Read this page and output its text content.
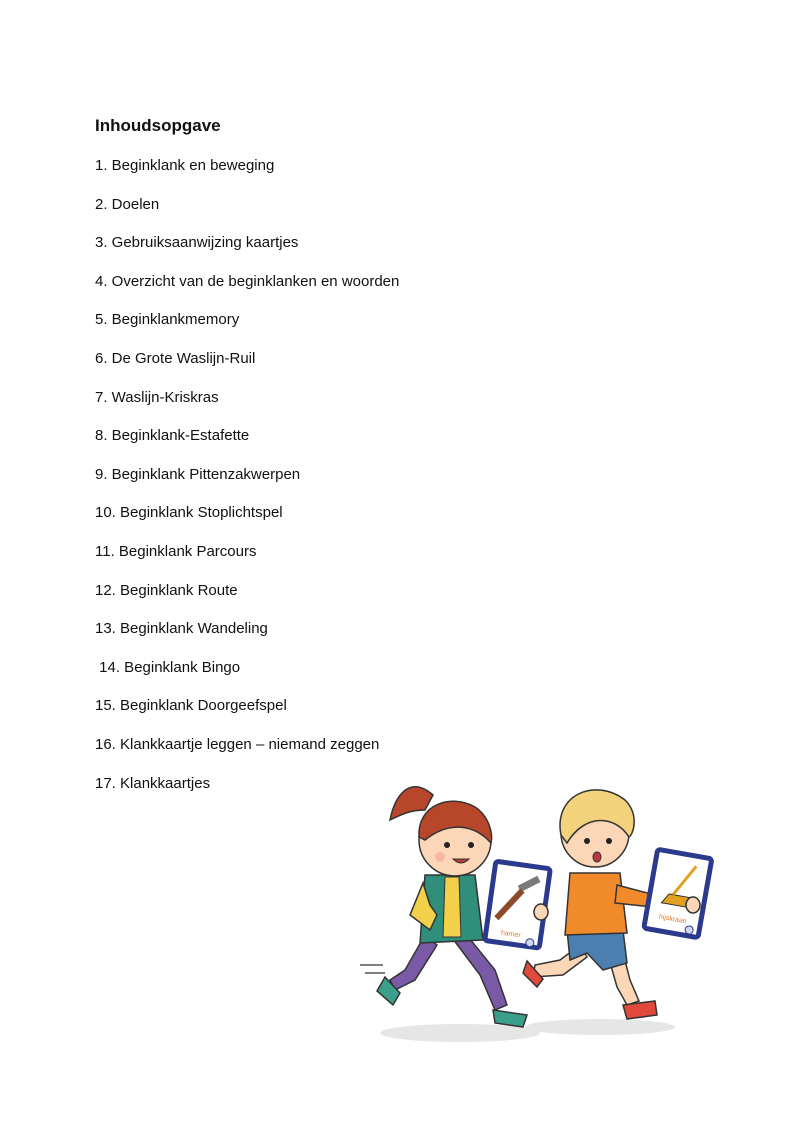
Inhoudsopgave
1. Beginklank en beweging
2. Doelen
3. Gebruiksaanwijzing kaartjes
4. Overzicht van de beginklanken en woorden
5. Beginklankmemory
6. De Grote Waslijn-Ruil
7. Waslijn-Kriskras
8. Beginklank-Estafette
9. Beginklank Pittenzakwerpen
10. Beginklank Stoplichtspel
11. Beginklank Parcours
12. Beginklank Route
13. Beginklank Wandeling
14. Beginklank Bingo
15. Beginklank Doorgeefspel
16. Klankkaartje leggen – niemand zeggen
17. Klankkaartjes
hamer
hijskraan
